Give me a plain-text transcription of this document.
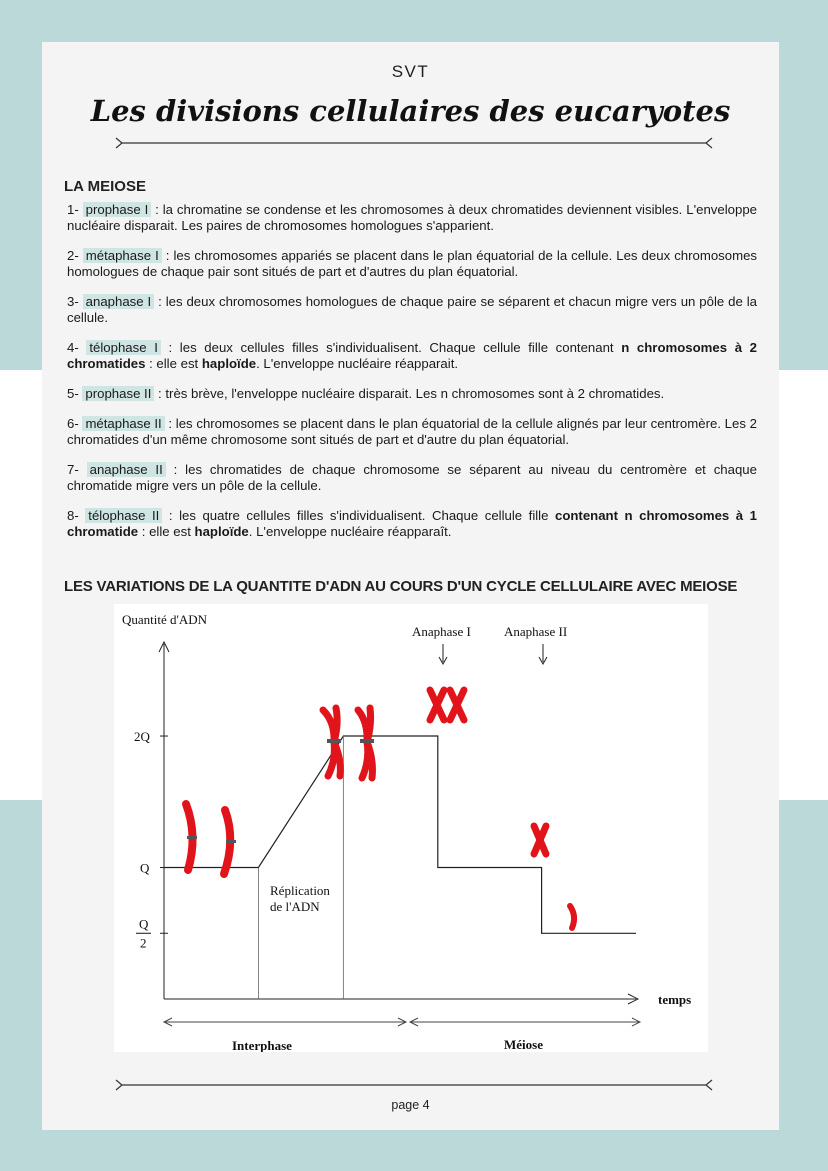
SVT
Les divisions cellulaires des eucaryotes
LA MEIOSE

1- prophase I : la chromatine se condense et les chromosomes à deux chromatides deviennent visibles. L'enveloppe nucléaire disparait. Les paires de chromosomes homologues s'apparient.

2- métaphase I : les chromosomes appariés se placent dans le plan équatorial de la cellule. Les deux chromosomes homologues de chaque pair sont situés de part et d'autres du plan équatorial.

3- anaphase I : les deux chromosomes homologues de chaque paire se séparent et chacun migre vers un pôle de la cellule.

4- télophase I : les deux cellules filles s'individualisent. Chaque cellule fille contenant n chromosomes à 2 chromatides : elle est haploïde. L'enveloppe nucléaire réapparait.

5- prophase II : très brève, l'enveloppe nucléaire disparait. Les n chromosomes sont à 2 chromatides.

6- métaphase II : les chromosomes se placent dans le plan équatorial de la cellule alignés par leur centromère. Les 2 chromatides d'un même chromosome sont situés de part et d'autre du plan équatorial.

7- anaphase II : les chromatides de chaque chromosome se séparent au niveau du centromère et chaque chromatide migre vers un pôle de la cellule.

8- télophase II : les quatre cellules filles s'individualisent. Chaque cellule fille contenant n chromosomes à 1 chromatide : elle est haploïde. L'enveloppe nucléaire réapparaît.

LES VARIATIONS DE LA QUANTITE D'ADN AU COURS D'UN CYCLE CELLULAIRE AVEC MEIOSE
Quantité d'ADN
temps
Q
2
Q
2Q
Réplication de l'ADN
Anaphase I	Anaphase II
Interphase	Méiose
page 4
